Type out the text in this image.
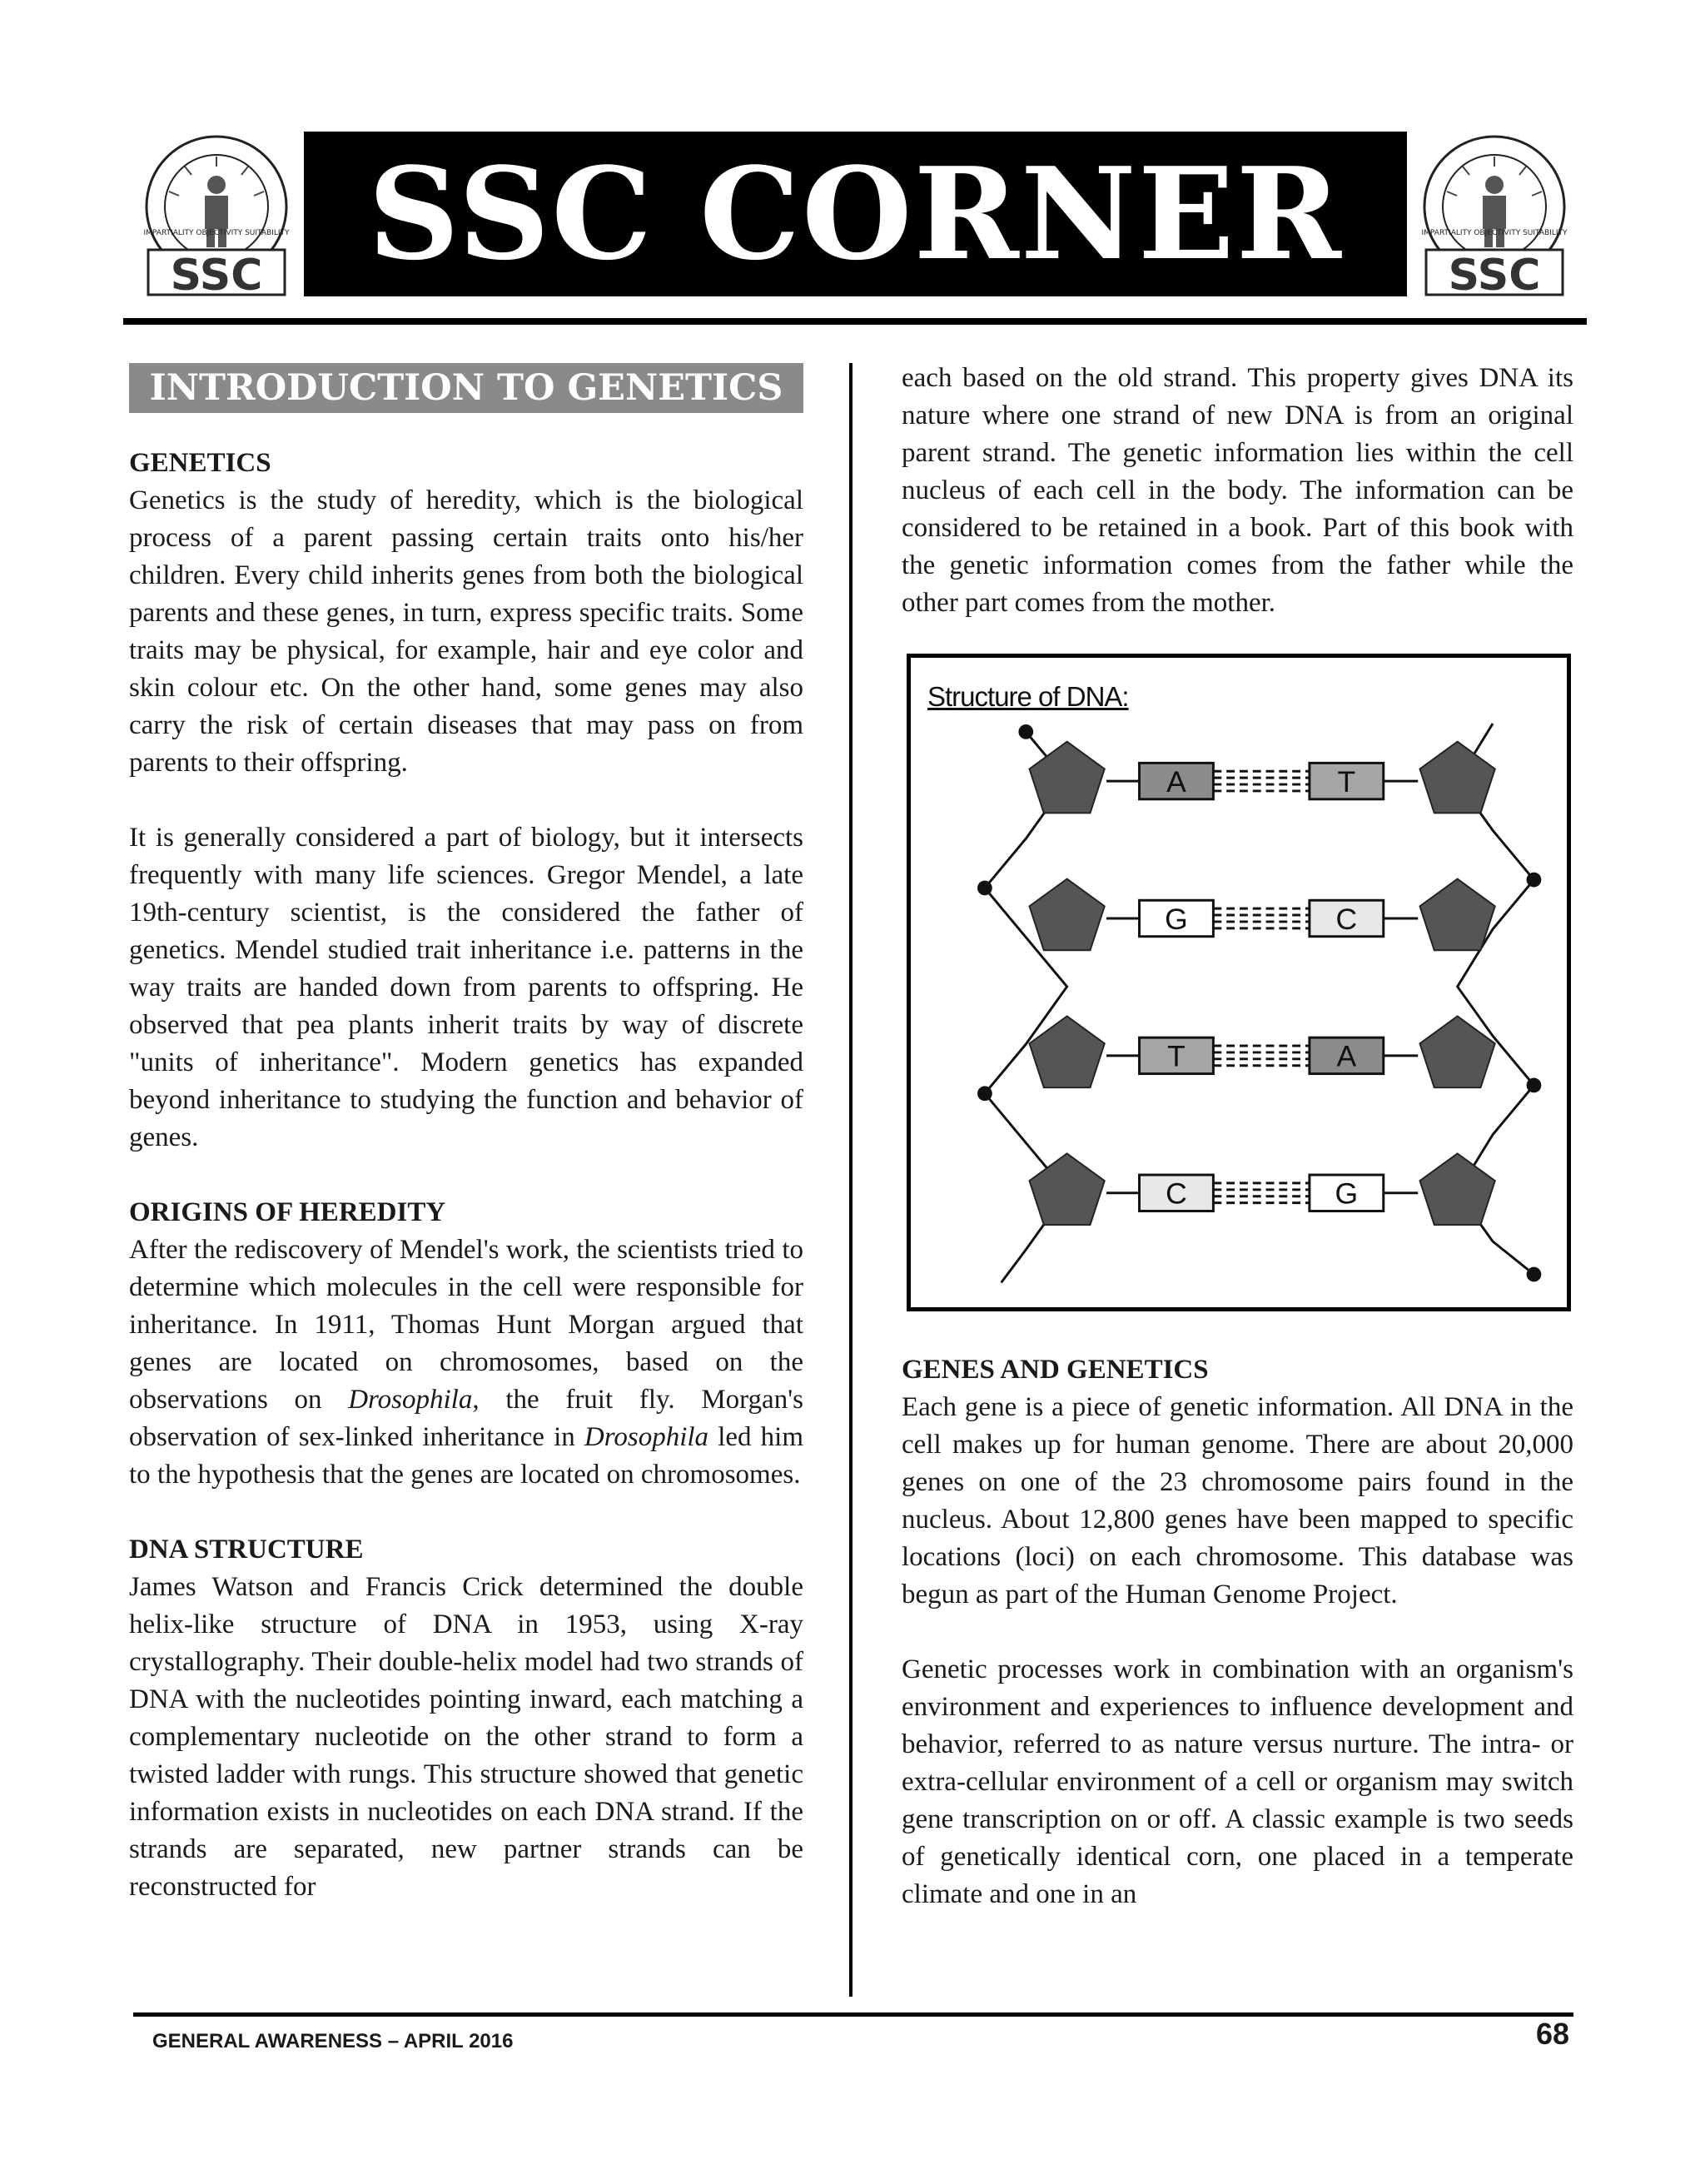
IMPARTIALITY OBJECTIVITY SUITABILITY
SSC SSC CORNER	IMPARTIALITY OBJECTIVITY SUITABILITY
SSC
INTRODUCTION TO GENETICS
GENETICS

Genetics is the study of heredity, which is the biological process of a parent passing certain traits onto his/her children. Every child inherits genes from both the biological parents and these genes, in turn, express specific traits. Some traits may be physical, for example, hair and eye color and skin colour etc. On the other hand, some genes may also carry the risk of certain diseases that may pass on from parents to their offspring.

It is generally considered a part of biology, but it intersects frequently with many life sciences. Gregor Mendel, a late 19th-century scientist, is the considered the father of genetics. Mendel studied trait inheritance i.e. patterns in the way traits are handed down from parents to offspring. He observed that pea plants inherit traits by way of discrete "units of inheritance". Modern genetics has expanded beyond inheritance to studying the function and behavior of genes.

ORIGINS OF HEREDITY

After the rediscovery of Mendel's work, the scientists tried to determine which molecules in the cell were responsible for inheritance. In 1911, Thomas Hunt Morgan argued that genes are located on chromosomes, based on the observations on Drosophila, the fruit fly. Morgan's observation of sex-linked inheritance in Drosophila led him to the hypothesis that the genes are located on chromosomes.

DNA STRUCTURE

James Watson and Francis Crick determined the double helix-like structure of DNA in 1953, using X-ray crystallography. Their double-helix model had two strands of DNA with the nucleotides pointing inward, each matching a complementary nucleotide on the other strand to form a twisted ladder with rungs. This structure showed that genetic information exists in nucleotides on each DNA strand. If the strands are separated, new partner strands can be reconstructed for

each based on the old strand. This property gives DNA its nature where one strand of new DNA is from an original parent strand. The genetic information lies within the cell nucleus of each cell in the body. The information can be considered to be retained in a book. Part of this book with the genetic information comes from the father while the other part comes from the mother.

Structure of DNA:
A	T
G	C
T	A
C	G
GENES AND GENETICS

Each gene is a piece of genetic information. All DNA in the cell makes up for human genome. There are about 20,000 genes on one of the 23 chromosome pairs found in the nucleus. About 12,800 genes have been mapped to specific locations (loci) on each chromosome. This database was begun as part of the Human Genome Project.

Genetic processes work in combination with an organism's environment and experiences to influence development and behavior, referred to as nature versus nurture. The intra- or extra-cellular environment of a cell or organism may switch gene transcription on or off. A classic example is two seeds of genetically identical corn, one placed in a temperate climate and one in an

GENERAL AWARENESS – APRIL 2016	68
